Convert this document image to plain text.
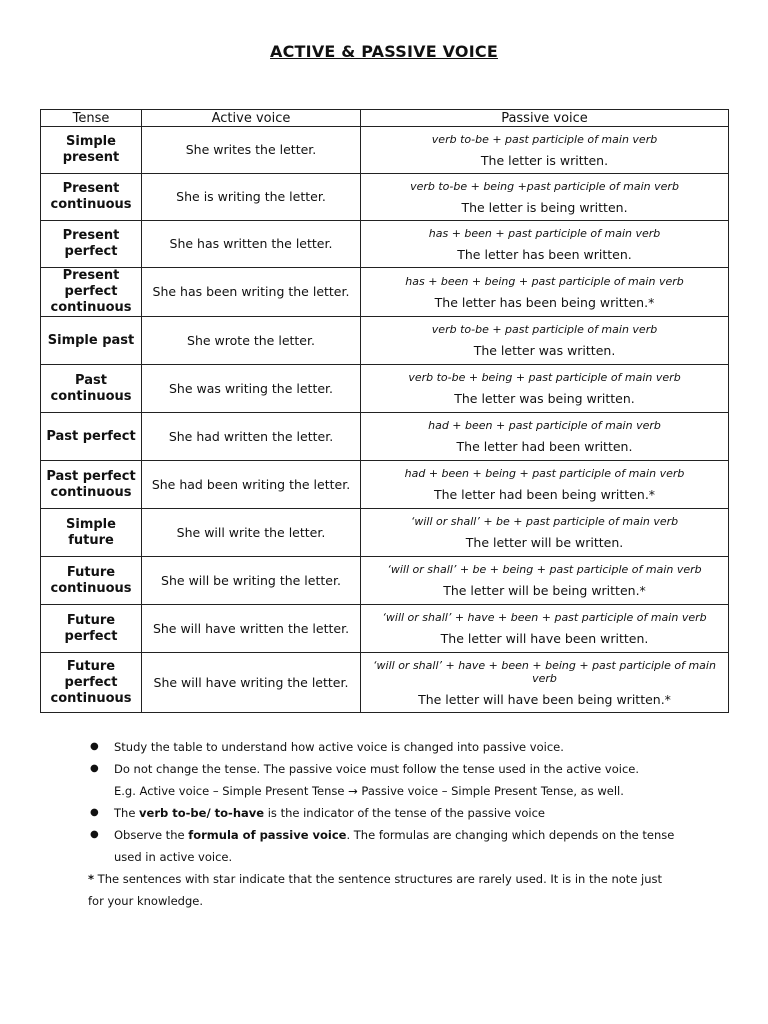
ACTIVE & PASSIVE VOICE
Tense	Active voice	Passive voice
Simple present	She writes the letter.	verb to-be + past participle of main verb
The letter is written.

Present continuous	She is writing the letter.	verb to-be + being +past participle of main verb
The letter is being written.

Present perfect	She has written the letter.	has + been + past participle of main verb
The letter has been written.

Present perfect continuous	She has been writing the letter.	has + been + being + past participle of main verb
The letter has been being written.*

Simple past	She wrote the letter.	verb to-be + past participle of main verb
The letter was written.

Past continuous	She was writing the letter.	verb to-be + being + past participle of main verb
The letter was being written.

Past perfect	She had written the letter.	had + been + past participle of main verb
The letter had been written.

Past perfect continuous	She had been writing the letter.	had + been + being + past participle of main verb
The letter had been being written.*

Simple future	She will write the letter.	‘will or shall’ + be + past participle of main verb
The letter will be written.

Future continuous	She will be writing the letter.	‘will or shall’ + be + being + past participle of main verb
The letter will be being written.*

Future perfect	She will have written the letter.	‘will or shall’ + have + been + past participle of main verb
The letter will have been written.

Future perfect continuous	She will have writing the letter.	‘will or shall’ + have + been + being + past participle of main verb
The letter will have been being written.*
● Study the table to understand how active voice is changed into passive voice.
● Do not change the tense. The passive voice must follow the tense used in the active voice.
E.g. Active voice – Simple Present Tense → Passive voice – Simple Present Tense, as well.
● The verb to-be/ to-have is the indicator of the tense of the passive voice
● Observe the formula of passive voice. The formulas are changing which depends on the tense
used in active voice.

* The sentences with star indicate that the sentence structures are rarely used. It is in the note just
for your knowledge.
